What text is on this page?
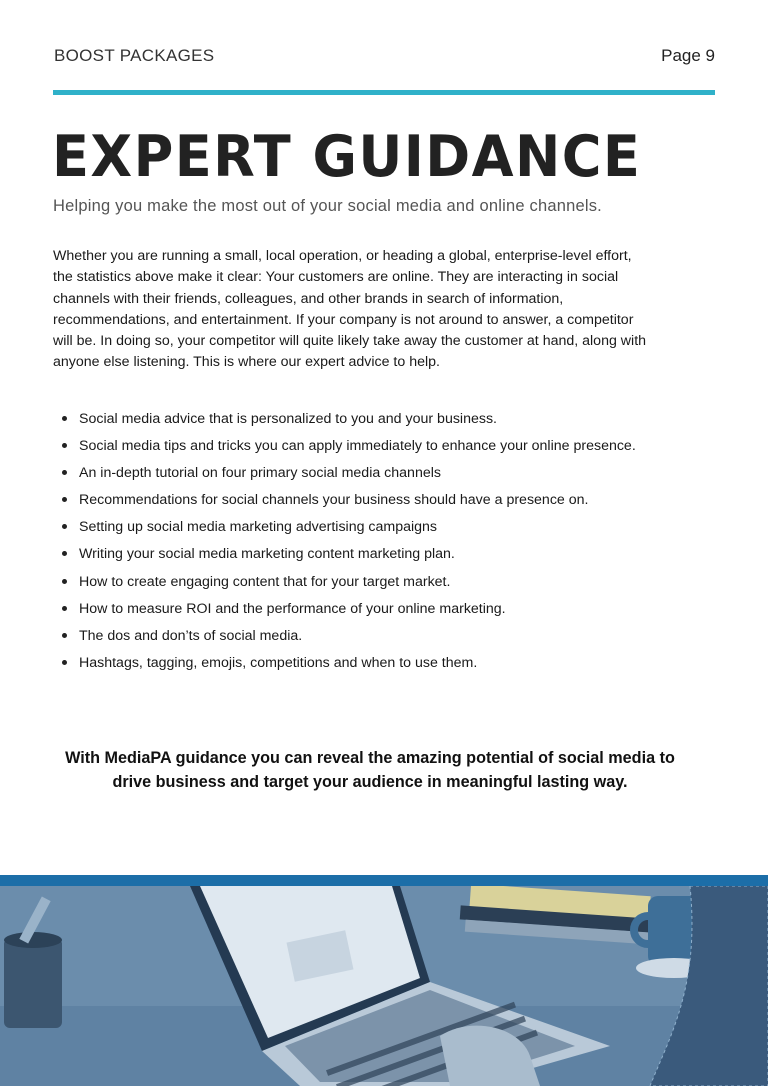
BOOST PACKAGES	Page 9
EXPERT GUIDANCE
Helping you make the most out of your social media and online channels.
Whether you are running a small, local operation, or heading a global, enterprise-level effort,
the statistics above make it clear: Your customers are online. They are interacting in social
channels with their friends, colleagues, and other brands in search of information,
recommendations, and entertainment. If your company is not around to answer, a competitor
will be. In doing so, your competitor will quite likely take away the customer at hand, along with
anyone else listening. This is where our expert advice to help.
Social media advice that is personalized to you and your business.
Social media tips and tricks you can apply immediately to enhance your online presence.
An in-depth tutorial on four primary social media channels
Recommendations for social channels your business should have a presence on.
Setting up social media marketing advertising campaigns
Writing your social media marketing content marketing plan.
How to create engaging content that for your target market.
How to measure ROI and the performance of your online marketing.
The dos and don’ts of social media.
Hashtags, tagging, emojis, competitions and when to use them.
With MediaPA guidance you can reveal the amazing potential of social media to
drive business and target your audience in meaningful lasting way.
